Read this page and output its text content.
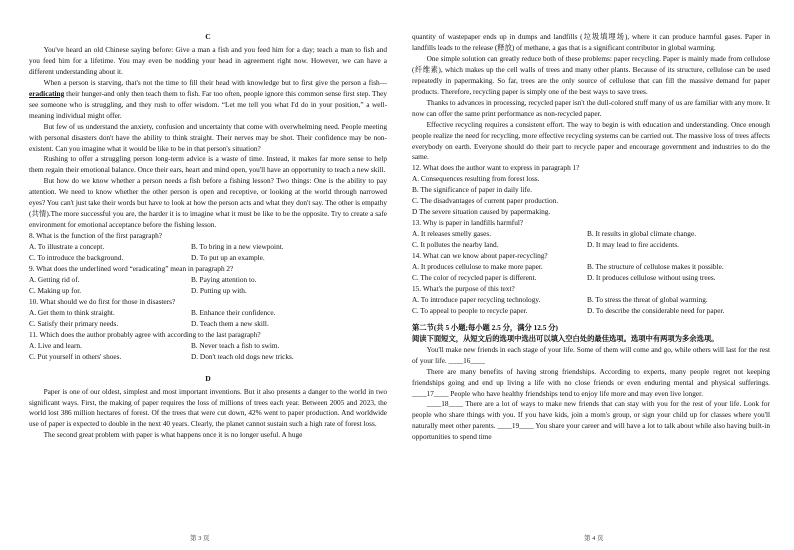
C

You've heard an old Chinese saying before: Give a man a fish and you feed him for a day; teach a man to fish and you feed him for a lifetime. You may even be nodding your head in agreement right now. However, we can have a different understanding about it.

When a person is starving, that's not the time to fill their head with knowledge but to first give the person a fish—eradicating their hunger-and only then teach them to fish. Far too often, people ignore this common sense first step. They see someone who is struggling, and they rush to offer wisdom. “Let me tell you what I'd do in your position,” a well-meaning individual might offer.

But few of us understand the anxiety, confusion and uncertainty that come with overwhelming need. People meeting with personal disasters don't have the ability to think straight. Their nerves may be shot. Their confidence may be non-existent. Can you imagine what it would be like to be in that person's situation?

Rushing to offer a struggling person long-term advice is a waste of time. Instead, it makes far more sense to help them regain their emotional balance. Once their ears, heart and mind open, you'll have an opportunity to teach a new skill.

But how do we know whether a person needs a fish before a fishing lesson? Two things: One is the ability to pay attention. We need to know whether the other person is open and receptive, or looking at the world through narrowed eyes? You can't just take their words but have to look at how the person acts and what they don't say. The other is empathy (共情).The more successful you are, the harder it is to imagine what it must be like to be the opposite. Try to create a safe environment for emotional acceptance before the fishing lesson.

8. What is the function of the first paragraph?
A. To illustrate a concept.	B. To bring in a new viewpoint.
C. To introduce the background.	D. To put up an example.
9. What does the underlined word “eradicating” mean in paragraph 2?
A. Getting rid of.	B. Paying attention to.
C. Making up for.	D. Putting up with.
10. What should we do first for those in disasters?
A. Get them to think straight.	B. Enhance their confidence.
C. Satisfy their primary needs.	D. Teach them a new skill.
11. Which does the author probably agree with according to the last paragraph?
A. Live and learn.	B. Never teach a fish to swim.
C. Put yourself in others' shoes.	D. Don't teach old dogs new tricks.
D

Paper is one of our oldest, simplest and most important inventions. But it also presents a danger to the world in two significant ways. First, the making of paper requires the loss of millions of trees each year. Between 2005 and 2023, the world lost 386 million hectares of forest. Of the trees that were cut down, 42% went to paper production. And worldwide use of paper is expected to double in the next 40 years. Clearly, the planet cannot sustain such a high rate of forest loss.

The second great problem with paper is what happens once it is no longer useful. A huge

quantity of wastepaper ends up in dumps and landfills (垃圾填埋场), where it can produce harmful gases. Paper in landfills leads to the release (释放) of methane, a gas that is a significant contributor in global warming.

One simple solution can greatly reduce both of these problems: paper recycling. Paper is mainly made from cellulose (纤维素), which makes up the cell walls of trees and many other plants. Because of its structure, cellulose can be used repeatedly in papermaking. So far, trees are the only source of cellulose that can fill the massive demand for paper products. Therefore, recycling paper is simply one of the best ways to save trees.

Thanks to advances in processing, recycled paper isn't the dull-colored stuff many of us are familiar with any more. It now can offer the same print performance as non-recycled paper.

Effective recycling requires a consistent effort. The way to begin is with education and understanding. Once enough people realize the need for recycling, more effective recycling systems can be carried out. The massive loss of trees affects everybody on earth. Everyone should do their part to recycle paper and encourage government and industries to do the same.

12. What does the author want to express in paragraph 1?
A. Consequences resulting from forest loss.
B. The significance of paper in daily life.
C. The disadvantages of current paper production.
D The severe situation caused by papermaking.
13. Why is paper in landfills harmful?
A. It releases smelly gases.	B. It results in global climate change.
C. It pollutes the nearby land.	D. It may lead to fire accidents.
14. What can we know about paper-recycling?
A. It produces cellulose to make more paper.	B. The structure of cellulose makes it possible.
C. The color of recycled paper is different.	D. It produces cellulose without using trees.
15. What's the purpose of this text?
A. To introduce paper recycling technology.	B. To stress the threat of global warming.
C. To appeal to people to recycle paper.	D. To describe the considerable need for paper.
第二节(共 5 小题;每小题 2.5 分，满分 12.5 分)
阅读下面短文，从短文后的选项中选出可以填入空白处的最佳选项。选项中有两项为多余选项。

You'll make new friends in each stage of your life. Some of them will come and go, while others will last for the rest of your life. ____16____

There are many benefits of having strong friendships. According to experts, many people regret not keeping friendships going and end up living a life with no close friends or even enduring mental and physical sufferings. ____17____ People who have healthy friendships tend to enjoy life more and may even live longer.

____18____ There are a lot of ways to make new friends that can stay with you for the rest of your life. Look for people who share things with you. If you have kids, join a mom's group, or sign your child up for classes where you'll naturally meet other parents. ____19____ You share your career and will have a lot to talk about while also having built-in opportunities to spend time

第 3 页	第 4 页
